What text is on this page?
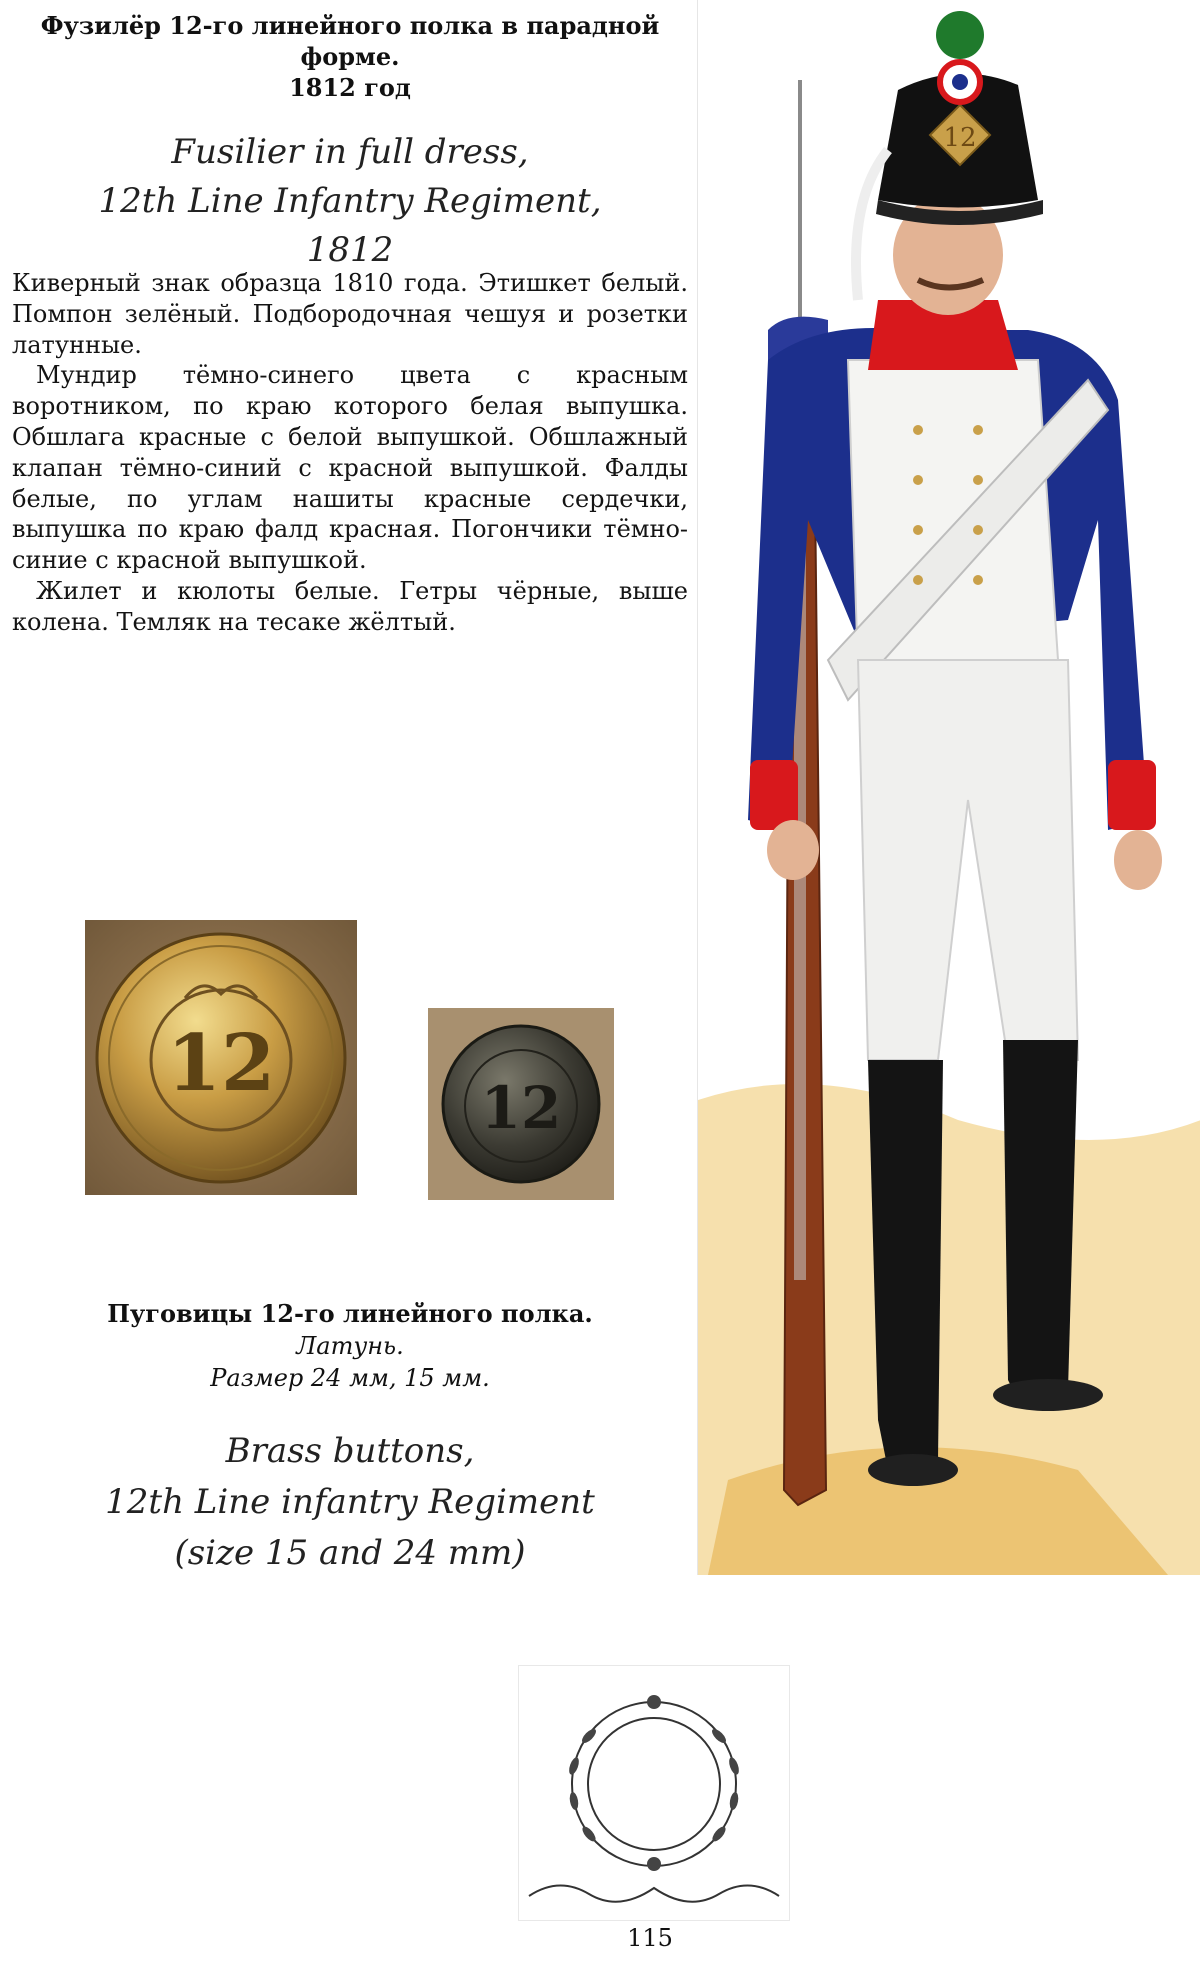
Фузилёр 12-го линейного полка в парадной
форме.
1812 год
Fusilier in full dress,
12th Line Infantry Regiment, 1812

Киверный знак образца 1810 года. Этишкет белый. Помпон зелёный. Подбородочная чешуя и розетки латунные.

Мундир тёмно-синего цвета с красным воротником, по краю которого белая выпушка. Обшлага красные с белой выпушкой. Обшлажный клапан тёмно-синий с красной выпушкой. Фалды белые, по углам нашиты красные сердечки, выпушка по краю фалд красная. Погончики тёмно-синие с красной выпушкой.

Жилет и кюлоты белые. Гетры чёрные, выше колена. Темляк на тесаке жёлтый.

12	12
Пуговицы 12-го линейного полка.
Латунь.
Размер 24 мм, 15 мм.
Brass buttons,
12th Line infantry Regiment
(size 15 and 24 mm)
12
115
